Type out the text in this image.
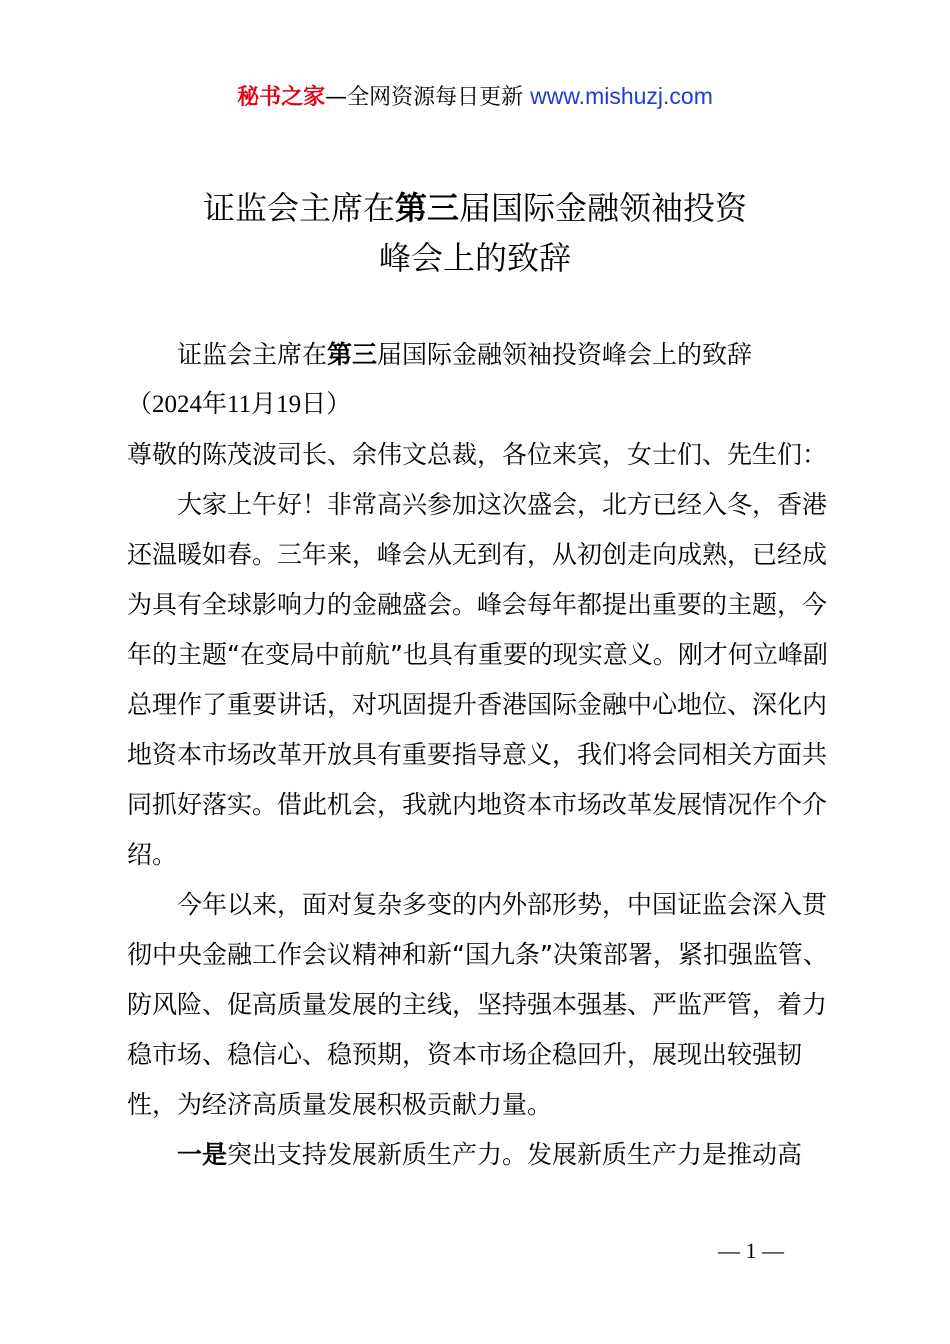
秘书之家—全网资源每日更新 www.mishuzj.com
证监会主席在第三届国际金融领袖投资
峰会上的致辞

证监会主席在第三届国际金融领袖投资峰会上的致辞

（2024年11月19日）

尊敬的陈茂波司长、余伟文总裁，各位来宾，女士们、先生们：

大家上午好！非常高兴参加这次盛会，北方已经入冬，香港还温暖如春。三年来，峰会从无到有，从初创走向成熟，已经成为具有全球影响力的金融盛会。峰会每年都提出重要的主题，今年的主题“在变局中前航”也具有重要的现实意义。刚才何立峰副总理作了重要讲话，对巩固提升香港国际金融中心地位、深化内地资本市场改革开放具有重要指导意义，我们将会同相关方面共同抓好落实。借此机会，我就内地资本市场改革发展情况作个介绍。

今年以来，面对复杂多变的内外部形势，中国证监会深入贯彻中央金融工作会议精神和新“国九条”决策部署，紧扣强监管、防风险、促高质量发展的主线，坚持强本强基、严监严管，着力稳市场、稳信心、稳预期，资本市场企稳回升，展现出较强韧性，为经济高质量发展积极贡献力量。

一是突出支持发展新质生产力。发展新质生产力是推动高

— 1 —
